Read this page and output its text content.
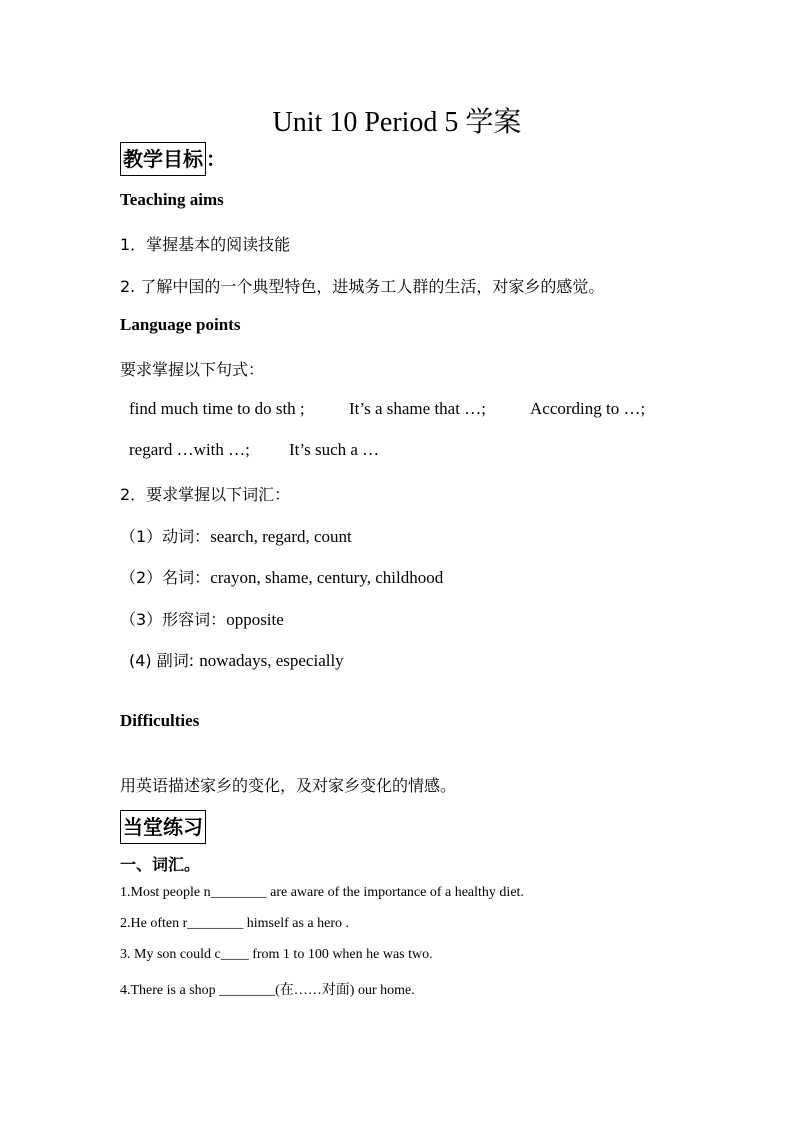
Unit 10 Period 5 学案
教学目标 ：
Teaching aims
1．掌握基本的阅读技能
2. 了解中国的一个典型特色，进城务工人群的生活，对家乡的感觉。
Language points
要求掌握以下句式：
find much time to do sth ;	It’s a shame that …;	According to …;
regard …with …; It’s such a …
2．要求掌握以下词汇：
（1）动词：search, regard, count
（2）名词：crayon, shame, century, childhood
（3）形容词：opposite
(4) 副词: nowadays, especially
Difficulties
用英语描述家乡的变化，及对家乡变化的情感。
当堂练习
一、词汇。
1.Most people n________ are aware of the importance of a healthy diet.
2.He often r________ himself as a hero .
3. My son could c____ from 1 to 100 when he was two.
4.There is a shop ________(在……对面) our home.
